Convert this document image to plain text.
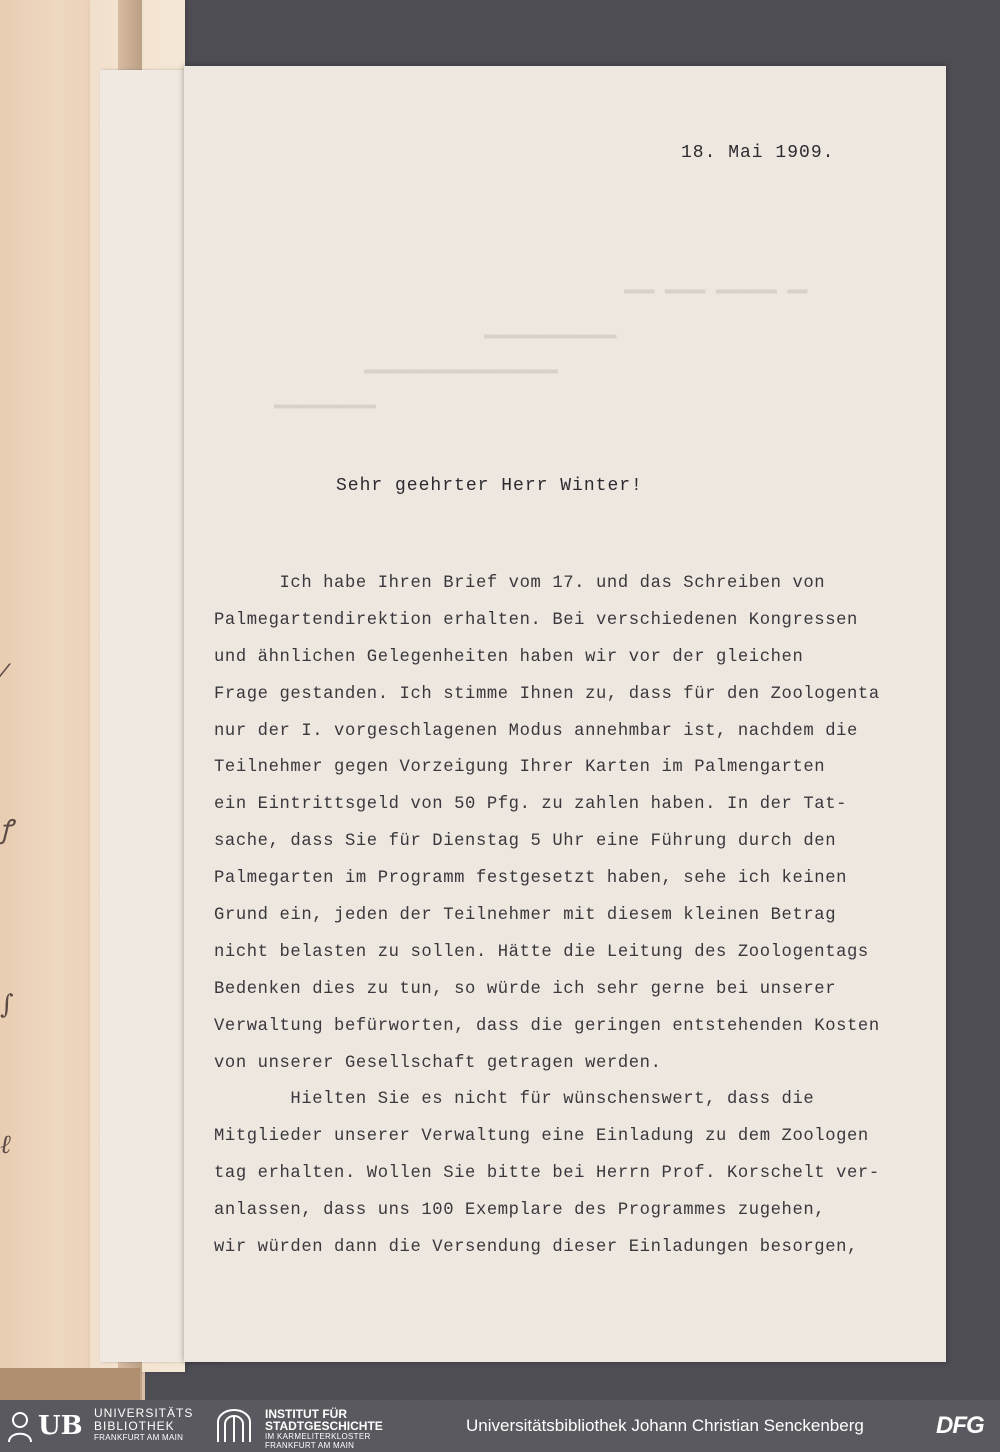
⁄
ꝭ
∫
ℓ
▬▬▬ ▬▬▬▬ ▬▬▬▬▬▬ ▬▬
▬▬▬▬▬▬▬▬▬▬▬▬▬
▬▬▬▬▬▬▬▬▬▬▬▬▬▬▬▬▬▬▬
▬▬▬▬▬▬▬▬▬▬
18. Mai 1909.
Sehr geehrter Herr Winter!
Ich habe Ihren Brief vom 17. und das Schreiben von
Palmegartendirektion erhalten. Bei verschiedenen Kongressen
und ähnlichen Gelegenheiten haben wir vor der gleichen
Frage gestanden. Ich stimme Ihnen zu, dass für den Zoologenta
nur der I. vorgeschlagenen Modus annehmbar ist, nachdem die
Teilnehmer gegen Vorzeigung Ihrer Karten im Palmengarten
ein Eintrittsgeld von 50 Pfg. zu zahlen haben. In der Tat-
sache, dass Sie für Dienstag 5 Uhr eine Führung durch den
Palmegarten im Programm festgesetzt haben, sehe ich keinen
Grund ein, jeden der Teilnehmer mit diesem kleinen Betrag
nicht belasten zu sollen. Hätte die Leitung des Zoologentags
Bedenken dies zu tun, so würde ich sehr gerne bei unserer
Verwaltung befürworten, dass die geringen entstehenden Kosten
von unserer Gesellschaft getragen werden.
Hielten Sie es nicht für wünschenswert, dass die
Mitglieder unserer Verwaltung eine Einladung zu dem Zoologen
tag erhalten. Wollen Sie bitte bei Herrn Prof. Korschelt ver-
anlassen, dass uns 100 Exemplare des Programmes zugehen,
wir würden dann die Versendung dieser Einladungen besorgen,
UB UNIVERSITÄTS
BIBLIOTHEK
FRANKFURT AM MAIN
INSTITUT FÜR
STADTGESCHICHTE
IM KARMELITERKLOSTER
FRANKFURT AM MAIN
Universitätsbibliothek Johann Christian Senckenberg	DFG
